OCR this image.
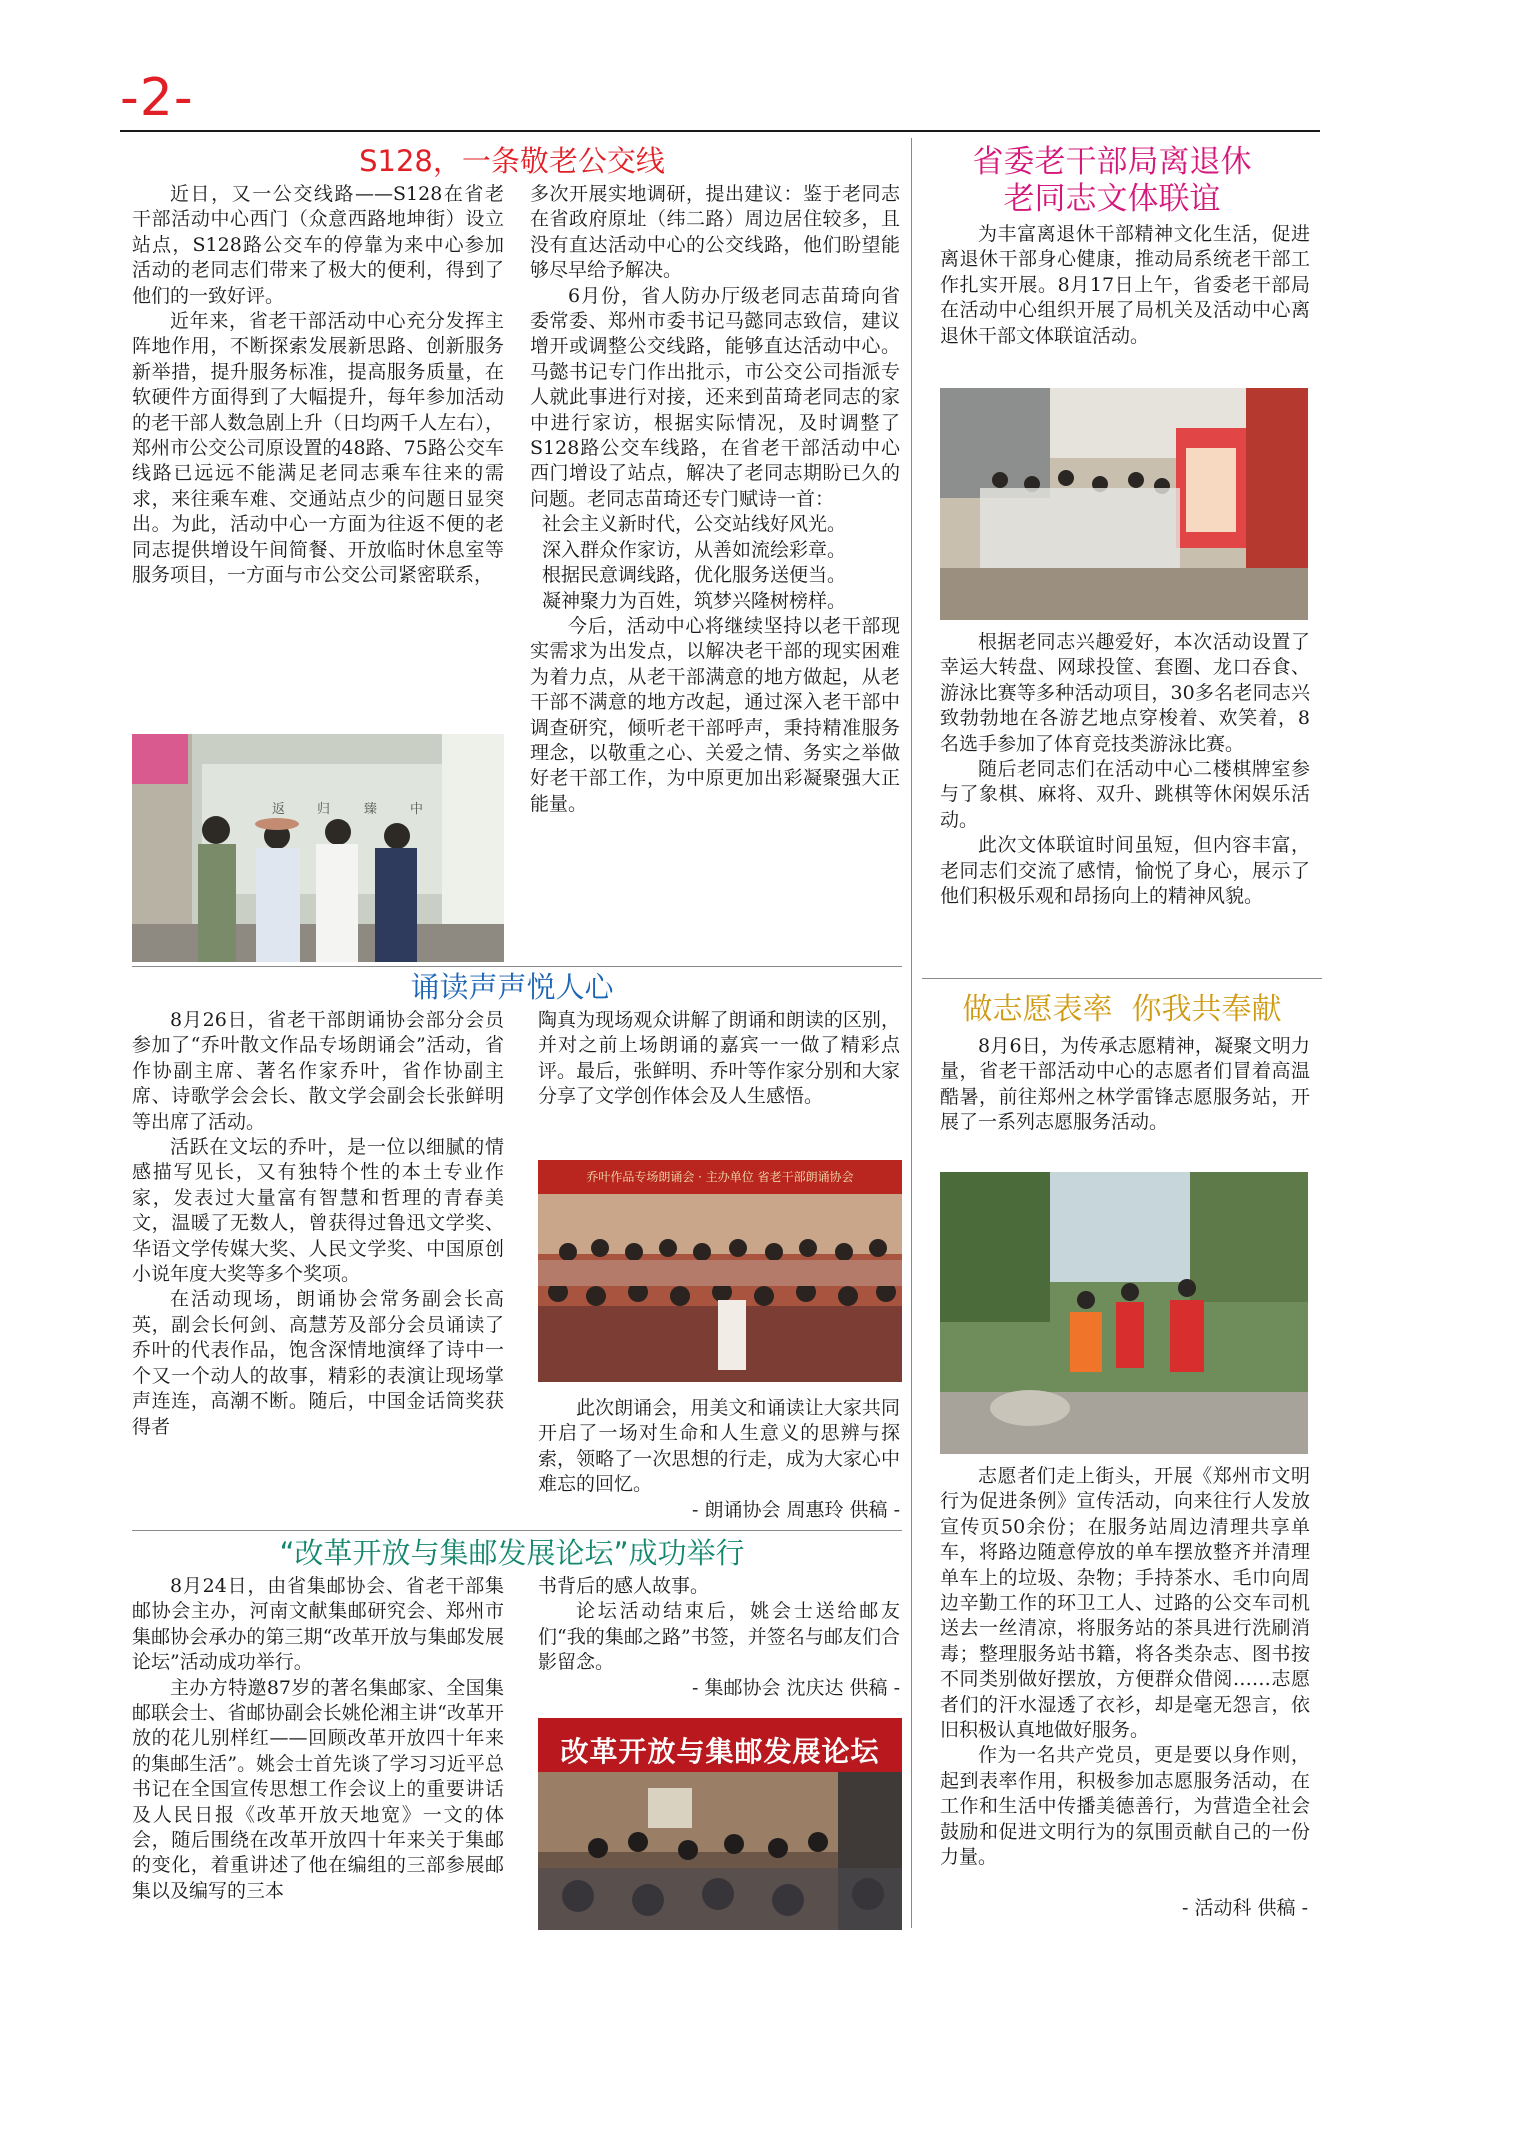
-2-
S128，一条敬老公交线

近日，又一公交线路——S128在省老干部活动中心西门（众意西路地坤街）设立站点，S128路公交车的停靠为来中心参加活动的老同志们带来了极大的便利，得到了他们的一致好评。

近年来，省老干部活动中心充分发挥主阵地作用，不断探索发展新思路、创新服务新举措，提升服务标准，提高服务质量，在软硬件方面得到了大幅提升，每年参加活动的老干部人数急剧上升（日均两千人左右），郑州市公交公司原设置的48路、75路公交车线路已远远不能满足老同志乘车往来的需求，来往乘车难、交通站点少的问题日显突出。为此，活动中心一方面为往返不便的老同志提供增设午间简餐、开放临时休息室等服务项目，一方面与市公交公司紧密联系，

返 归	臻	中

多次开展实地调研，提出建议：鉴于老同志在省政府原址（纬二路）周边居住较多，且没有直达活动中心的公交线路，他们盼望能够尽早给予解决。

6月份，省人防办厅级老同志苗琦向省委常委、郑州市委书记马懿同志致信，建议增开或调整公交线路，能够直达活动中心。马懿书记专门作出批示，市公交公司指派专人就此事进行对接，还来到苗琦老同志的家中进行家访，根据实际情况，及时调整了S128路公交车线路，在省老干部活动中心西门增设了站点，解决了老同志期盼已久的问题。老同志苗琦还专门赋诗一首：

社会主义新时代，公交站线好风光。

深入群众作家访，从善如流绘彩章。

根据民意调线路，优化服务送便当。

凝神聚力为百姓，筑梦兴隆树榜样。

今后，活动中心将继续坚持以老干部现实需求为出发点，以解决老干部的现实困难为着力点，从老干部满意的地方做起，从老干部不满意的地方改起，通过深入老干部中调查研究，倾听老干部呼声，秉持精准服务理念，以敬重之心、关爱之情、务实之举做好老干部工作，为中原更加出彩凝聚强大正能量。

诵读声声悦人心

8月26日，省老干部朗诵协会部分会员参加了“乔叶散文作品专场朗诵会”活动，省作协副主席、著名作家乔叶，省作协副主席、诗歌学会会长、散文学会副会长张鲜明等出席了活动。

活跃在文坛的乔叶，是一位以细腻的情感描写见长，又有独特个性的本土专业作家，发表过大量富有智慧和哲理的青春美文，温暖了无数人，曾获得过鲁迅文学奖、华语文学传媒大奖、人民文学奖、中国原创小说年度大奖等多个奖项。

在活动现场，朗诵协会常务副会长高英，副会长何剑、高慧芳及部分会员诵读了乔叶的代表作品，饱含深情地演绎了诗中一个又一个动人的故事，精彩的表演让现场掌声连连，高潮不断。随后，中国金话筒奖获得者

陶真为现场观众讲解了朗诵和朗读的区别，并对之前上场朗诵的嘉宾一一做了精彩点评。最后，张鲜明、乔叶等作家分别和大家分享了文学创作体会及人生感悟。

乔叶作品专场朗诵会 · 主办单位 省老干部朗诵协会

此次朗诵会，用美文和诵读让大家共同开启了一场对生命和人生意义的思辨与探索，领略了一次思想的行走，成为大家心中难忘的回忆。

- 朗诵协会 周惠玲 供稿 -
“改革开放与集邮发展论坛”成功举行

8月24日，由省集邮协会、省老干部集邮协会主办，河南文献集邮研究会、郑州市集邮协会承办的第三期“改革开放与集邮发展论坛”活动成功举行。

主办方特邀87岁的著名集邮家、全国集邮联会士、省邮协副会长姚伦湘主讲“改革开放的花儿别样红——回顾改革开放四十年来的集邮生活”。姚会士首先谈了学习习近平总书记在全国宣传思想工作会议上的重要讲话及人民日报《改革开放天地宽》一文的体会，随后围绕在改革开放四十年来关于集邮的变化，着重讲述了他在编组的三部参展邮集以及编写的三本

书背后的感人故事。

论坛活动结束后，姚会士送给邮友们“我的集邮之路”书签，并签名与邮友们合影留念。

- 集邮协会 沈庆达 供稿 -
改革开放与集邮发展论坛
省委老干部局离退休
老同志文体联谊

为丰富离退休干部精神文化生活，促进离退休干部身心健康，推动局系统老干部工作扎实开展。8月17日上午，省委老干部局在活动中心组织开展了局机关及活动中心离退休干部文体联谊活动。

根据老同志兴趣爱好，本次活动设置了幸运大转盘、网球投筐、套圈、龙口吞食、游泳比赛等多种活动项目，30多名老同志兴致勃勃地在各游艺地点穿梭着、欢笑着，8名选手参加了体育竞技类游泳比赛。

随后老同志们在活动中心二楼棋牌室参与了象棋、麻将、双升、跳棋等休闲娱乐活动。

此次文体联谊时间虽短，但内容丰富，老同志们交流了感情，愉悦了身心，展示了他们积极乐观和昂扬向上的精神风貌。

做志愿表率  你我共奉献

8月6日，为传承志愿精神，凝聚文明力量，省老干部活动中心的志愿者们冒着高温酷暑，前往郑州之林学雷锋志愿服务站，开展了一系列志愿服务活动。

志愿者们走上街头，开展《郑州市文明行为促进条例》宣传活动，向来往行人发放宣传页50余份；在服务站周边清理共享单车，将路边随意停放的单车摆放整齐并清理单车上的垃圾、杂物；手持茶水、毛巾向周边辛勤工作的环卫工人、过路的公交车司机送去一丝清凉，将服务站的茶具进行洗刷消毒；整理服务站书籍，将各类杂志、图书按不同类别做好摆放，方便群众借阅……志愿者们的汗水湿透了衣衫，却是毫无怨言，依旧积极认真地做好服务。

作为一名共产党员，更是要以身作则，起到表率作用，积极参加志愿服务活动，在工作和生活中传播美德善行，为营造全社会鼓励和促进文明行为的氛围贡献自己的一份力量。

- 活动科 供稿 -
